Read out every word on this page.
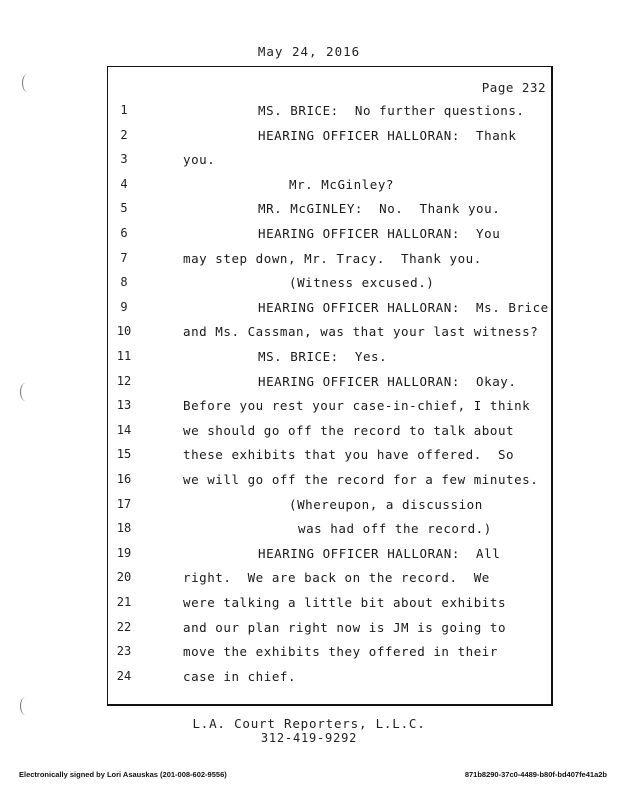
May 24, 2016
Page 232
1	MS. BRICE:  No further questions.
2	HEARING OFFICER HALLORAN:  Thank
3	you.
4	Mr. McGinley?
5	MR. McGINLEY:  No.  Thank you.
6	HEARING OFFICER HALLORAN:  You
7	may step down, Mr. Tracy.  Thank you.
8	(Witness excused.)
9	HEARING OFFICER HALLORAN:  Ms. Brice
10	and Ms. Cassman, was that your last witness?
11	MS. BRICE:  Yes.
12	HEARING OFFICER HALLORAN:  Okay.
13	Before you rest your case-in-chief, I think
14	we should go off the record to talk about
15	these exhibits that you have offered.  So
16	we will go off the record for a few minutes.
17	(Whereupon, a discussion
18	was had off the record.)
19	HEARING OFFICER HALLORAN:  All
20	right.  We are back on the record.  We
21	were talking a little bit about exhibits
22	and our plan right now is JM is going to
23	move the exhibits they offered in their
24	case in chief.
L.A. Court Reporters, L.L.C.
312-419-9292
Electronically signed by Lori Asauskas (201-008-602-9556)	871b8290-37c0-4489-b80f-bd407fe41a2b
